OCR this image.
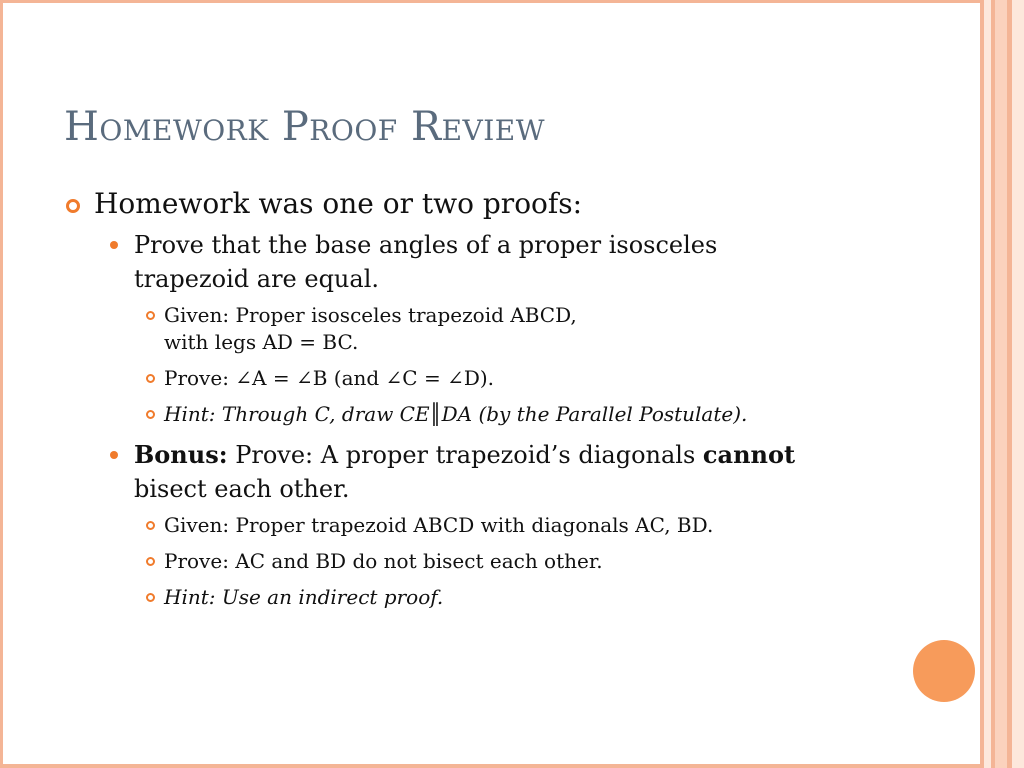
Homework Proof Review
Homework was one or two proofs:
Prove that the base angles of a proper isosceles
trapezoid are equal.
Given: Proper isosceles trapezoid ABCD,
with legs AD = BC.
Prove: ∠A = ∠B (and ∠C = ∠D).
Hint: Through C, draw CE║DA (by the Parallel Postulate).
Bonus: Prove: A proper trapezoid’s diagonals cannot
bisect each other.
Given: Proper trapezoid ABCD with diagonals AC, BD.
Prove: AC and BD do not bisect each other.
Hint: Use an indirect proof.
